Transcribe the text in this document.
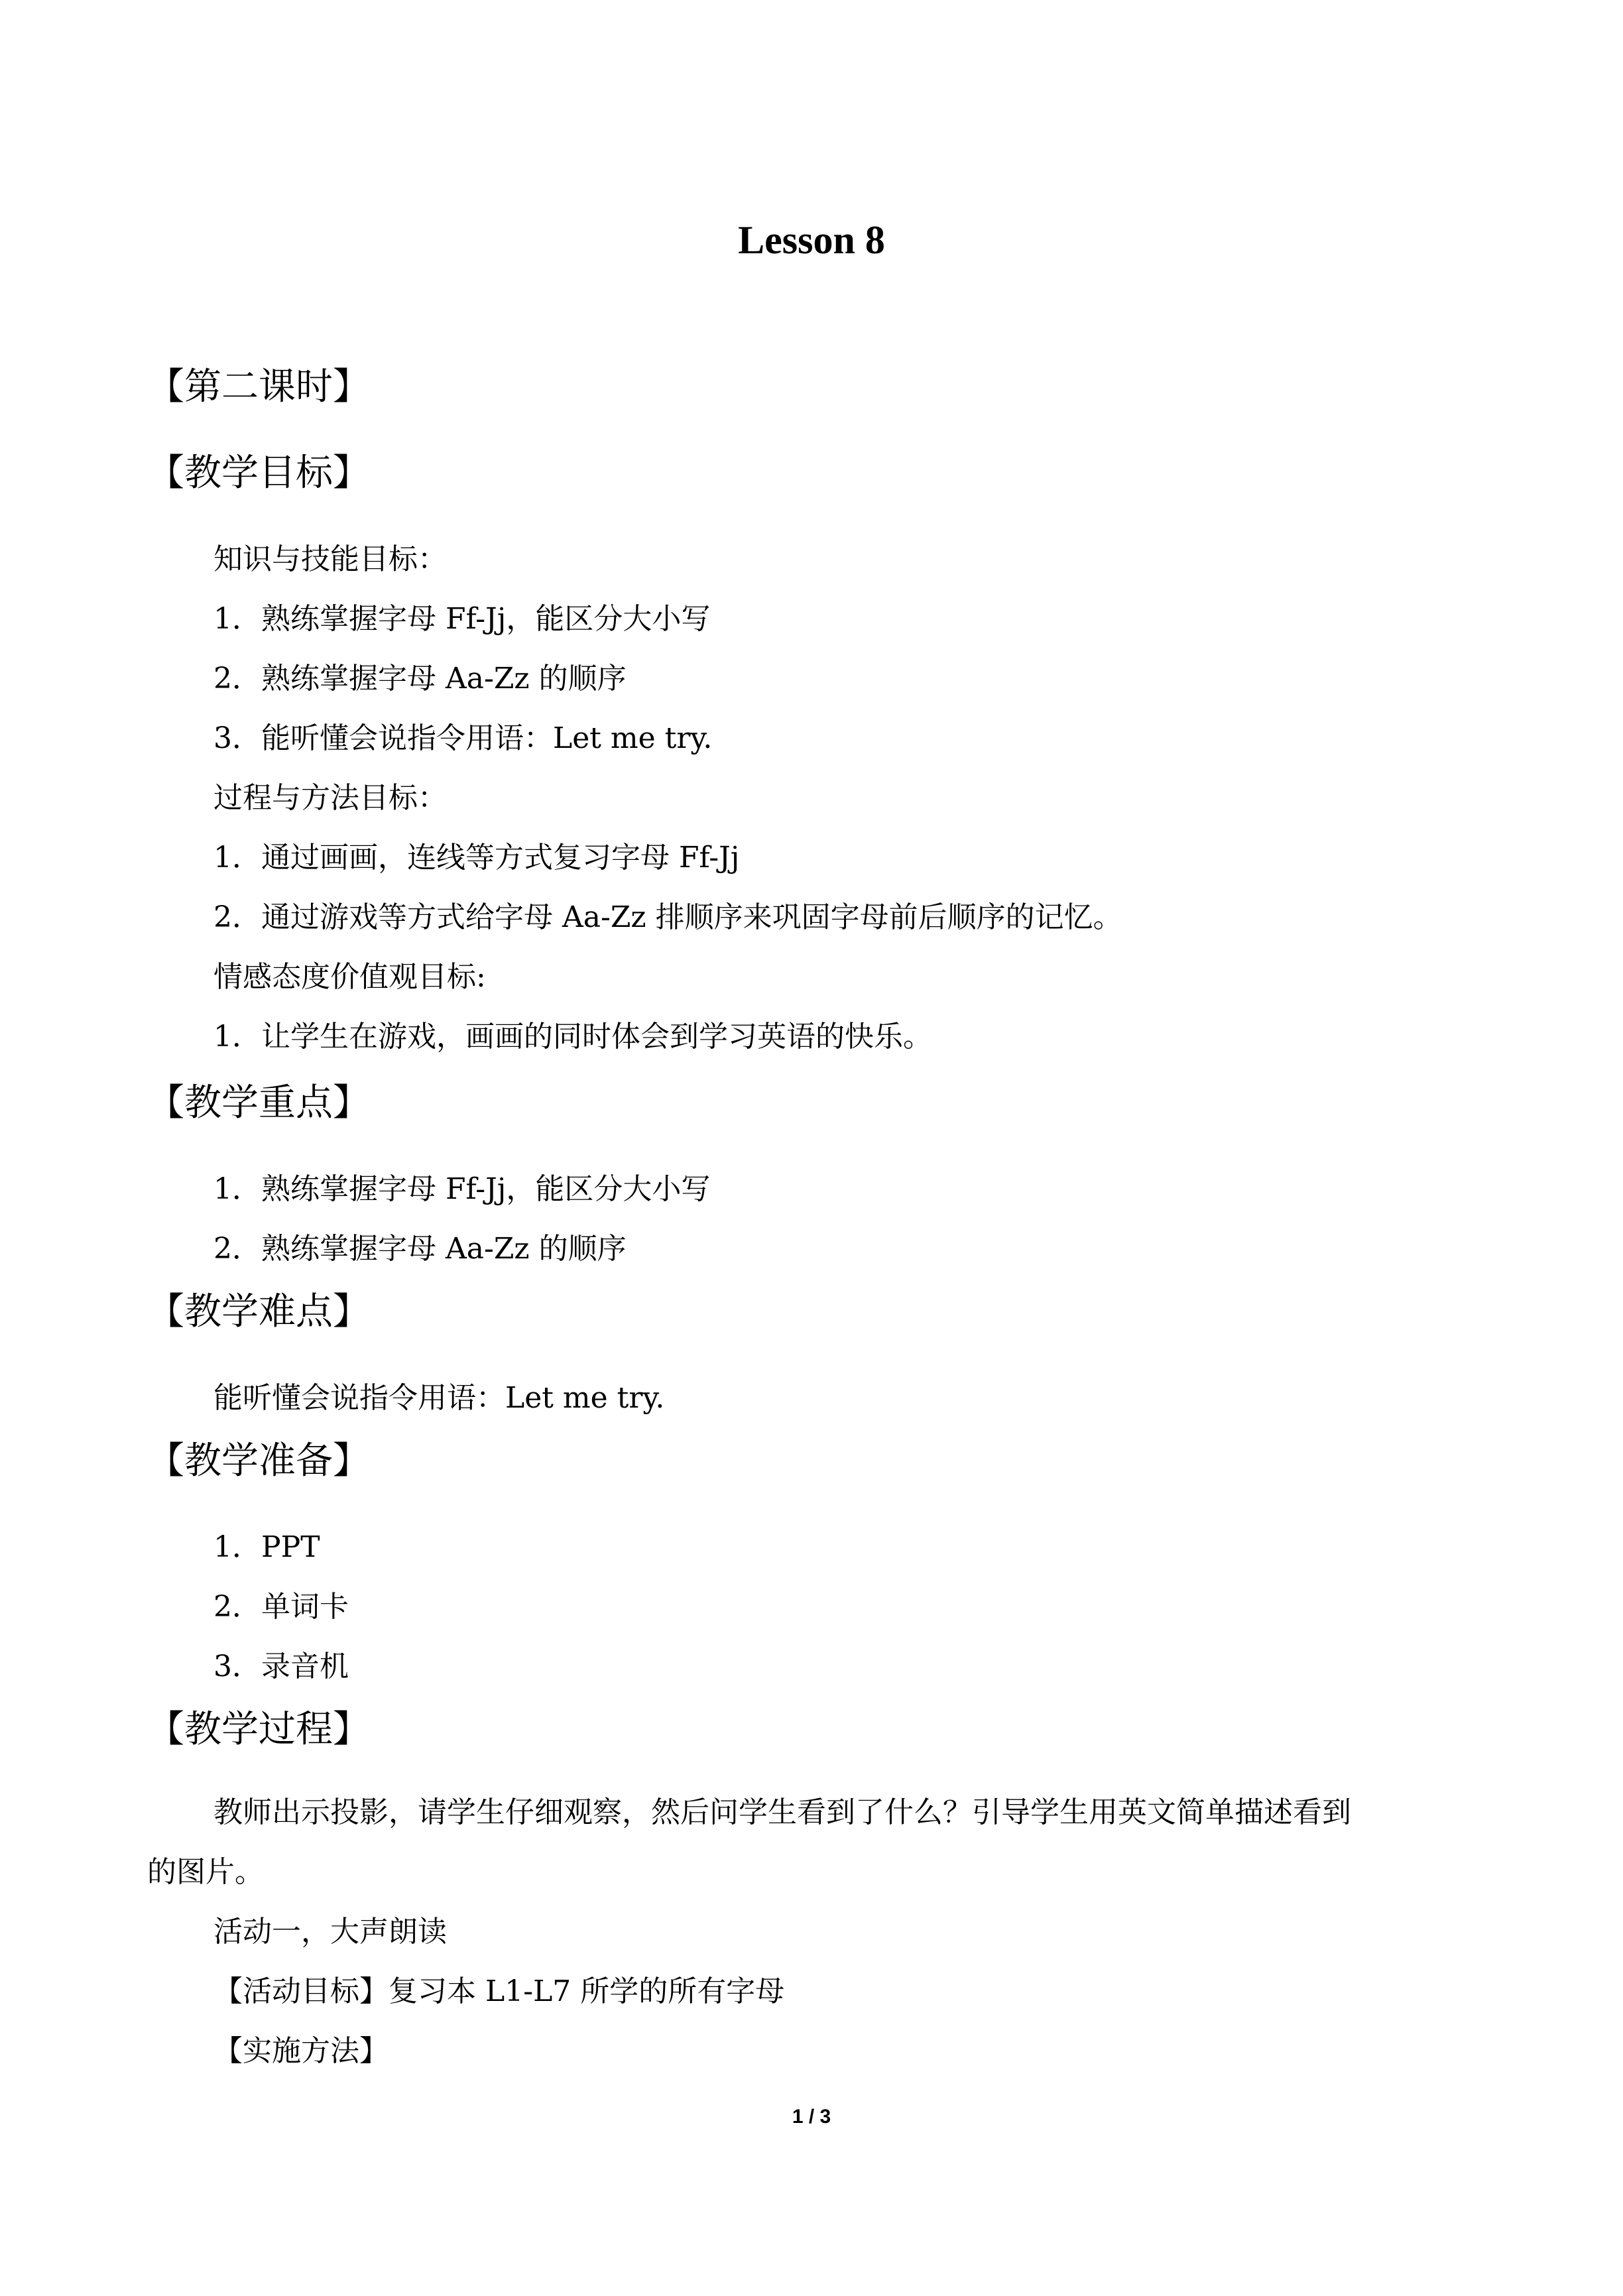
Lesson 8
【第二课时】
【教学目标】
知识与技能目标：
1．熟练掌握字母 Ff-Jj，能区分大小写
2．熟练掌握字母 Aa-Zz 的顺序
3．能听懂会说指令用语：Let me try.
过程与方法目标：
1．通过画画，连线等方式复习字母 Ff-Jj
2．通过游戏等方式给字母 Aa-Zz 排顺序来巩固字母前后顺序的记忆。
情感态度价值观目标:
1．让学生在游戏，画画的同时体会到学习英语的快乐。
【教学重点】
1．熟练掌握字母 Ff-Jj，能区分大小写
2．熟练掌握字母 Aa-Zz 的顺序
【教学难点】
能听懂会说指令用语：Let me try.
【教学准备】
1．PPT
2．单词卡
3．录音机
【教学过程】
教师出示投影，请学生仔细观察，然后问学生看到了什么？引导学生用英文简单描述看到
的图片。
活动一，大声朗读
【活动目标】复习本 L1-L7 所学的所有字母
【实施方法】
1 / 3
